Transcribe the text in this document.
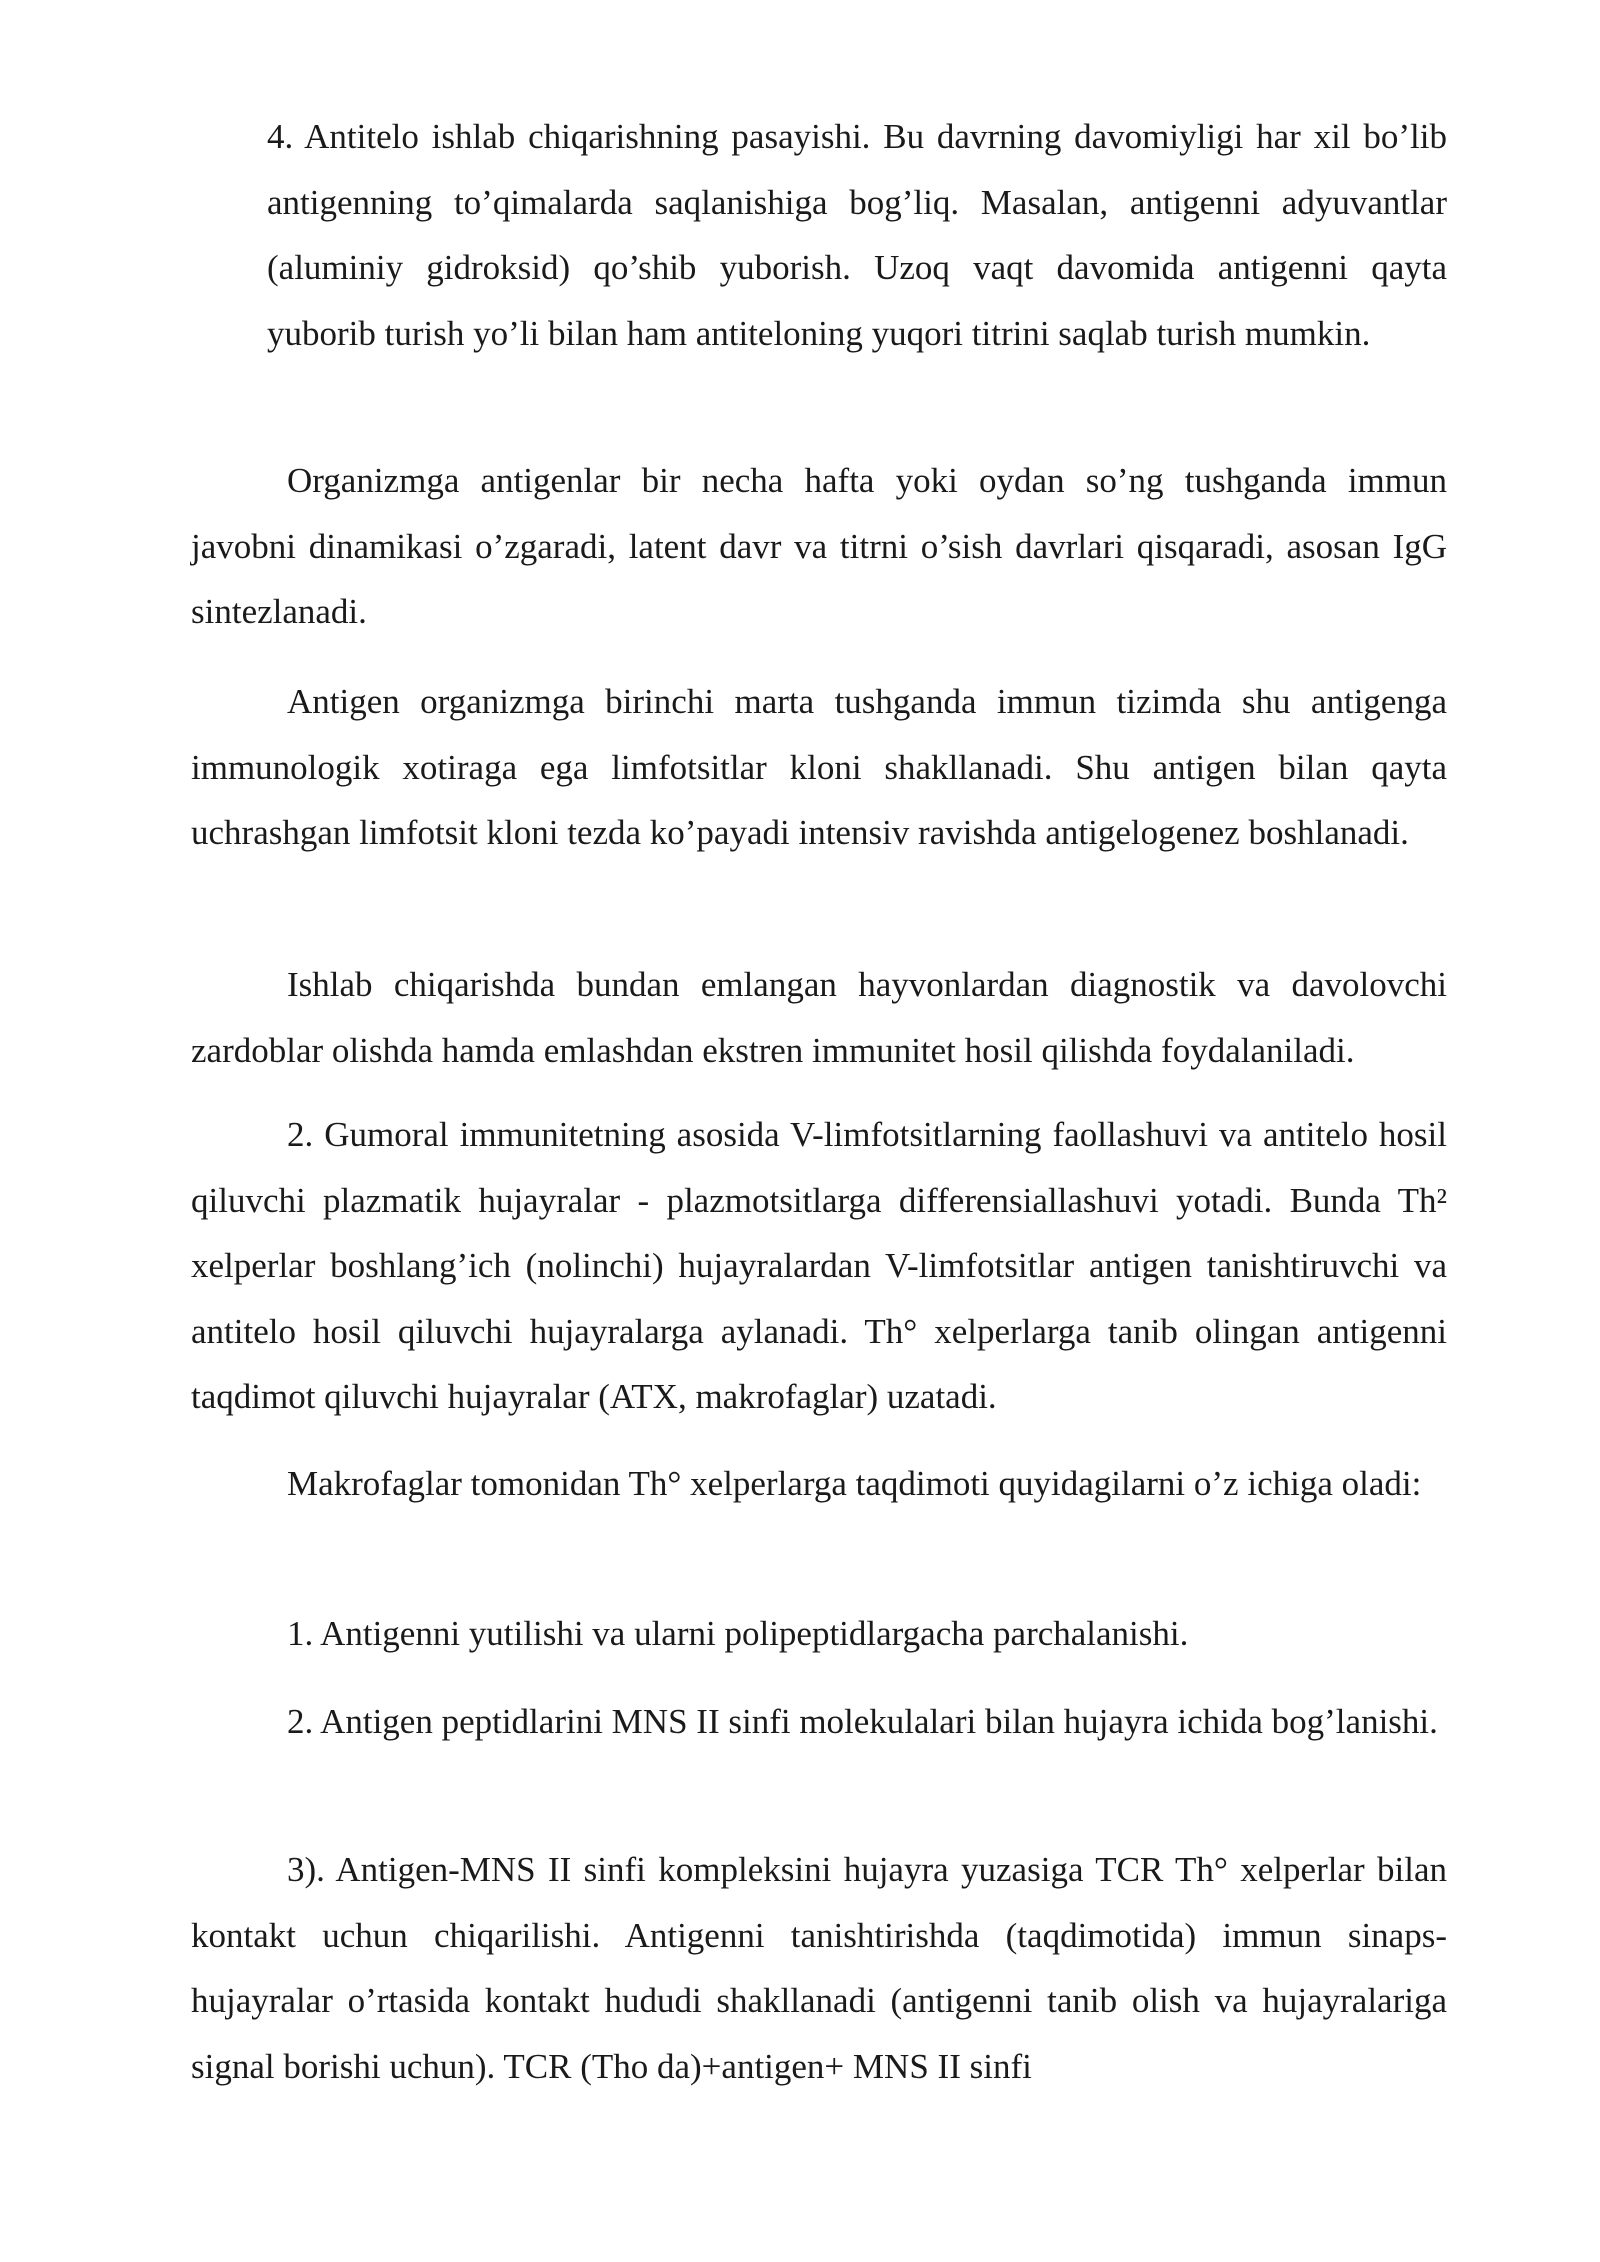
4. Antitelo ishlab chiqarishning pasayishi. Bu davrning davomiyligi har xil bo’lib antigenning to’qimalarda saqlanishiga bog’liq. Masalan, antigenni adyuvantlar (aluminiy gidroksid) qo’shib yuborish. Uzoq vaqt davomida antigenni qayta yuborib turish yo’li bilan ham antiteloning yuqori titrini saqlab turish mumkin.

Organizmga antigenlar bir necha hafta yoki oydan so’ng tushganda immun javobni dinamikasi o’zgaradi, latent davr va titrni o’sish davrlari qisqaradi, asosan IgG sintezlanadi.

Antigen organizmga birinchi marta tushganda immun tizimda shu antigenga immunologik xotiraga ega limfotsitlar kloni shakllanadi. Shu antigen bilan qayta uchrashgan limfotsit kloni tezda ko’payadi intensiv ravishda antigelogenez boshlanadi.

Ishlab chiqarishda bundan emlangan hayvonlardan diagnostik va davolovchi zardoblar olishda hamda emlashdan ekstren immunitet hosil qilishda foydalaniladi.

2. Gumoral immunitetning asosida V-limfotsitlarning faollashuvi va antitelo hosil qiluvchi plazmatik hujayralar - plazmotsitlarga differensiallashuvi yotadi. Bunda Th² xelperlar boshlang’ich (nolinchi) hujayralardan V-limfotsitlar antigen tanishtiruvchi va antitelo hosil qiluvchi hujayralarga aylanadi. Th° xelperlarga tanib olingan antigenni taqdimot qiluvchi hujayralar (ATX, makrofaglar) uzatadi.

Makrofaglar tomonidan Th° xelperlarga taqdimoti quyidagilarni o’z ichiga oladi:

1. Antigenni yutilishi va ularni polipeptidlargacha parchalanishi.

2. Antigen peptidlarini MNS II sinfi molekulalari bilan hujayra ichida bog’lanishi.

3). Antigen-MNS II sinfi kompleksini hujayra yuzasiga TCR Th° xelperlar bilan kontakt uchun chiqarilishi. Antigenni tanishtirishda (taqdimotida) immun sinaps-hujayralar o’rtasida kontakt hududi shakllanadi (antigenni tanib olish va hujayralariga signal borishi uchun). TCR (Tho da)+antigen+ MNS II sinfi
